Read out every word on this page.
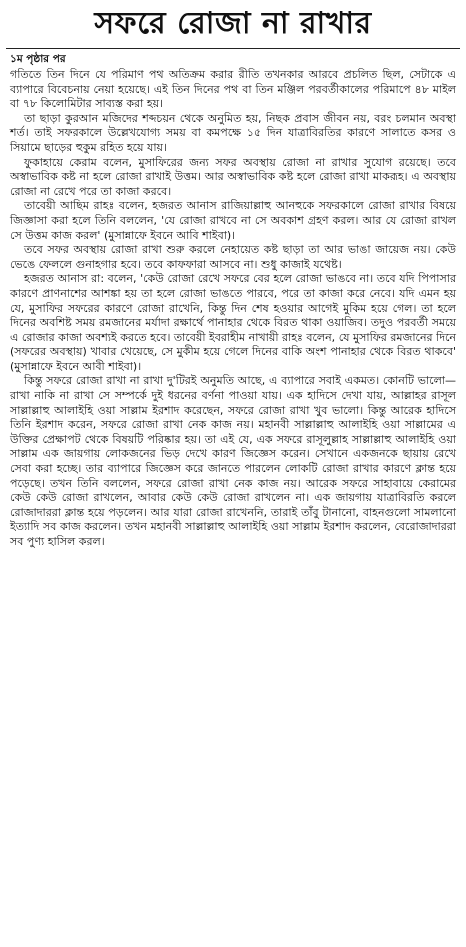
সফরে রোজা না রাখার
১ম পৃষ্ঠার পর

গতিতে তিন দিনে যে পরিমাণ পথ অতিক্রম করার রীতি তখনকার আরবে প্রচলিত ছিল, সেটাকে এ ব্যাপারে বিবেচনায় নেয়া হয়েছে। এই তিন দিনের পথ বা তিন মঞ্জিল পরবর্তীকালের পরিমাপে ৪৮ মাইল বা ৭৮ কিলোমিটার সাব্যস্ত করা হয়।

তা ছাড়া কুরআন মজিদের শব্দচয়ন থেকে অনুমিত হয়, নিছক প্রবাস জীবন নয়, বরং চলমান অবস্থা শর্ত। তাই সফরকালে উল্লেখযোগ্য সময় বা কমপক্ষে ১৫ দিন যাত্রাবিরতির কারণে সালাতে কসর ও সিয়ামে ছাড়ের হুকুম রহিত হয়ে যায়।

ফুকাহায়ে কেরাম বলেন, মুসাফিরের জন্য সফর অবস্থায় রোজা না রাখার সুযোগ রয়েছে। তবে অস্বাভাবিক কষ্ট না হলে রোজা রাখাই উত্তম। আর অস্বাভাবিক কষ্ট হলে রোজা রাখা মাকরূহ। এ অবস্থায় রোজা না রেখে পরে তা কাজা করবে।

তাবেয়ী আছিম রাহঃ বলেন, হজরত আনাস রাজিয়াল্লাহু আনহুকে সফরকালে রোজা রাখার বিষয়ে জিজ্ঞাসা করা হলে তিনি বললেন, 'যে রোজা রাখবে না সে অবকাশ গ্রহণ করল। আর যে রোজা রাখল সে উত্তম কাজ করল' (মুসান্নাফে ইবনে আবি শাইবা)।

তবে সফর অবস্থায় রোজা রাখা শুরু করলে নেহায়েত কষ্ট ছাড়া তা আর ভাঙা জায়েজ নয়। কেউ ভেঙে ফেললে গুনাহগার হবে। তবে কাফফারা আসবে না। শুধু কাজাই যথেষ্ট।

হজরত আনাস রা: বলেন, 'কেউ রোজা রেখে সফরে বের হলে রোজা ভাঙবে না। তবে যদি পিপাসার কারণে প্রাণনাশের আশঙ্কা হয় তা হলে রোজা ভাঙতে পারবে, পরে তা কাজা করে নেবে। যদি এমন হয় যে, মুসাফির সফরের কারণে রোজা রাখেনি, কিন্তু দিন শেষ হওয়ার আগেই মুকিম হয়ে গেল। তা হলে দিনের অবশিষ্ট সময় রমজানের মর্যাদা রক্ষার্থে পানাহার থেকে বিরত থাকা ওয়াজিব। তদুও পরবর্তী সময়ে এ রোজার কাজা অবশ্যই করতে হবে। তাবেয়ী ইবরাহীম নাখায়ী রাহঃ বলেন, যে মুসাফির রমজানের দিনে (সফরের অবস্থায়) খাবার খেয়েছে, সে মুকীম হয়ে গেলে দিনের বাকি অংশ পানাহার থেকে বিরত থাকবে' (মুসান্নাফে ইবনে আবী শাইবা)।

কিন্তু সফরে রোজা রাখা না রাখা দু'টিরই অনুমতি আছে, এ ব্যাপারে সবাই একমত। কোনটি ভালো— রাখা নাকি না রাখা সে সম্পর্কে দুই ধরনের বর্ণনা পাওয়া যায়। এক হাদিসে দেখা যায়, আল্লাহর রাসূল সাল্লাল্লাহু আলাইহি ওয়া সাল্লাম ইরশাদ করেছেন, সফরে রোজা রাখা খুব ভালো। কিন্তু আরেক হাদিসে তিনি ইরশাদ করেন, সফরে রোজা রাখা নেক কাজ নয়। মহানবী সাল্লাল্লাহু আলাইহি ওয়া সাল্লামের এ উক্তির প্রেক্ষাপট থেকে বিষয়টি পরিষ্কার হয়। তা এই যে, এক সফরে রাসূলুল্লাহ সাল্লাল্লাহু আলাইহি ওয়া সাল্লাম এক জায়গায় লোকজনের ভিড় দেখে কারণ জিজ্ঞেস করেন। সেখানে একজনকে ছায়ায় রেখে সেবা করা হচ্ছে। তার ব্যাপারে জিজ্ঞেস করে জানতে পারলেন লোকটি রোজা রাখার কারণে ক্লান্ত হয়ে পড়েছে। তখন তিনি বললেন, সফরে রোজা রাখা নেক কাজ নয়। আরেক সফরে সাহাবায়ে কেরামের কেউ কেউ রোজা রাখলেন, আবার কেউ কেউ রোজা রাখলেন না। এক জায়গায় যাত্রাবিরতি করলে রোজাদাররা ক্লান্ত হয়ে পড়লেন। আর যারা রোজা রাখেননি, তারাই তাঁবু টানানো, বাহনগুলো সামলানো ইত্যাদি সব কাজ করলেন। তখন মহানবী সাল্লাল্লাহু আলাইহি ওয়া সাল্লাম ইরশাদ করলেন, বেরোজাদাররা সব পুণ্য হাসিল করল।
